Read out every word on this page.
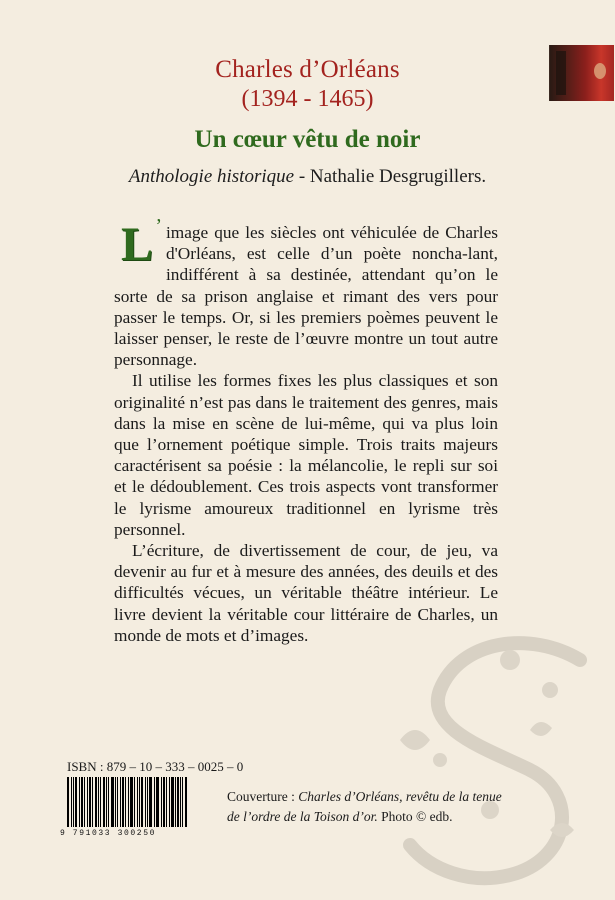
Charles d’Orléans
(1394 - 1465)
Un cœur vêtu de noir
Anthologie historique - Nathalie Desgrugillers.

L ’ image que les siècles ont véhiculée de Charles d'Orléans, est celle d’un poète noncha-lant, indifférent à sa destinée, attendant qu’on le sorte de sa prison anglaise et rimant des vers pour passer le temps. Or, si les premiers poèmes peuvent le laisser penser, le reste de l’œuvre montre un tout autre personnage.

Il utilise les formes fixes les plus classiques et son originalité n’est pas dans le traitement des genres, mais dans la mise en scène de lui-même, qui va plus loin que l’ornement poétique simple. Trois traits majeurs caractérisent sa poésie : la mélancolie, le repli sur soi et le dédoublement. Ces trois aspects vont transformer le lyrisme amoureux traditionnel en lyrisme très personnel.

L’écriture, de divertissement de cour, de jeu, va devenir au fur et à mesure des années, des deuils et des difficultés vécues, un véritable théâtre intérieur. Le livre devient la véritable cour littéraire de Charles, un monde de mots et d’images.

ISBN : 879 – 10 – 333 – 0025 – 0
9 791033 300250
Couverture : Charles d’Orléans, revêtu de la tenue de l’ordre de la Toison d’or. Photo © edb.
